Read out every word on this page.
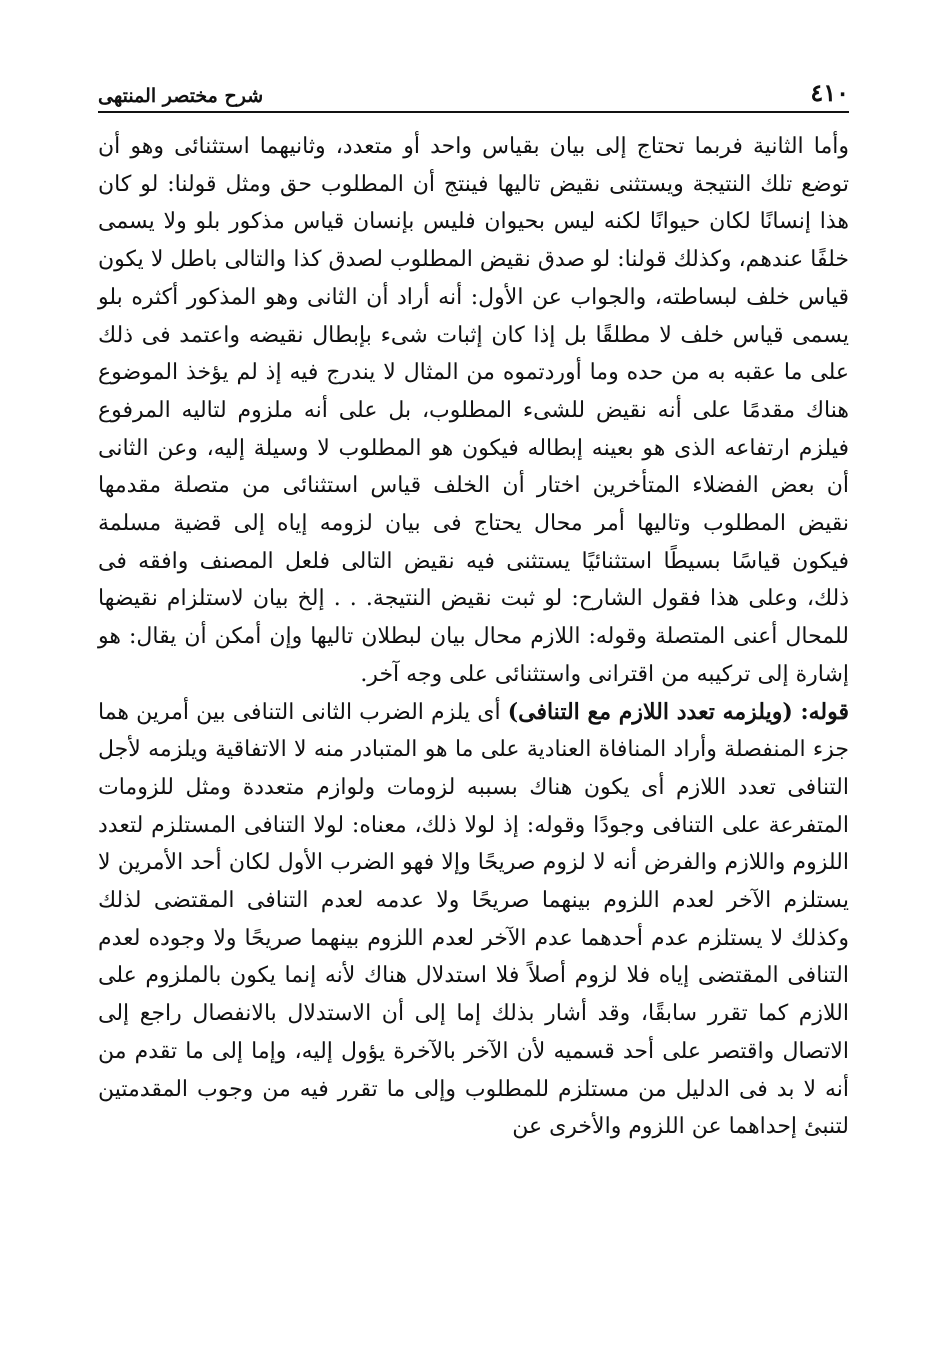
٤١٠
شرح مختصر المنتهى

وأما الثانية فربما تحتاج إلى بيان بقياس واحد أو متعدد، وثانيهما استثنائى وهو أن توضع تلك النتيجة ويستثنى نقيض تاليها فينتج أن المطلوب حق ومثل قولنا: لو كان هذا إنسانًا لكان حيوانًا لكنه ليس بحيوان فليس بإنسان قياس مذكور بلو ولا يسمى خلفًا عندهم، وكذلك قولنا: لو صدق نقيض المطلوب لصدق كذا والتالى باطل لا يكون قياس خلف لبساطته، والجواب عن الأول: أنه أراد أن الثانى وهو المذكور أكثره بلو يسمى قياس خلف لا مطلقًا بل إذا كان إثبات شىء بإبطال نقيضه واعتمد فى ذلك على ما عقبه به من حده وما أوردتموه من المثال لا يندرج فيه إذ لم يؤخذ الموضوع هناك مقدمًا على أنه نقيض للشىء المطلوب، بل على أنه ملزوم لتاليه المرفوع فيلزم ارتفاعه الذى هو بعينه إبطاله فيكون هو المطلوب لا وسيلة إليه، وعن الثانى أن بعض الفضلاء المتأخرين اختار أن الخلف قياس استثنائى من متصلة مقدمها نقيض المطلوب وتاليها أمر محال يحتاج فى بيان لزومه إياه إلى قضية مسلمة فيكون قياسًا بسيطًا استثنائيًا يستثنى فيه نقيض التالى فلعل المصنف وافقه فى ذلك، وعلى هذا فقول الشارح: لو ثبت نقيض النتيجة. . . إلخ بيان لاستلزام نقيضها للمحال أعنى المتصلة وقوله: اللازم محال بيان لبطلان تاليها وإن أمكن أن يقال: هو إشارة إلى تركيبه من اقترانى واستثنائى على وجه آخر.

قوله: (ويلزمه تعدد اللازم مع التنافى) أى يلزم الضرب الثانى التنافى بين أمرين هما جزء المنفصلة وأراد المنافاة العنادية على ما هو المتبادر منه لا الاتفاقية ويلزمه لأجل التنافى تعدد اللازم أى يكون هناك بسببه لزومات ولوازم متعددة ومثل للزومات المتفرعة على التنافى وجودًا وقوله: إذ لولا ذلك، معناه: لولا التنافى المستلزم لتعدد اللزوم واللازم والفرض أنه لا لزوم صريحًا وإلا فهو الضرب الأول لكان أحد الأمرين لا يستلزم الآخر لعدم اللزوم بينهما صريحًا ولا عدمه لعدم التنافى المقتضى لذلك وكذلك لا يستلزم عدم أحدهما عدم الآخر لعدم اللزوم بينهما صريحًا ولا وجوده لعدم التنافى المقتضى إياه فلا لزوم أصلاً فلا استدلال هناك لأنه إنما يكون بالملزوم على اللازم كما تقرر سابقًا، وقد أشار بذلك إما إلى أن الاستدلال بالانفصال راجع إلى الاتصال واقتصر على أحد قسميه لأن الآخر بالآخرة يؤول إليه، وإما إلى ما تقدم من أنه لا بد فى الدليل من مستلزم للمطلوب وإلى ما تقرر فيه من وجوب المقدمتين لتنبئ إحداهما عن اللزوم والأخرى عن
